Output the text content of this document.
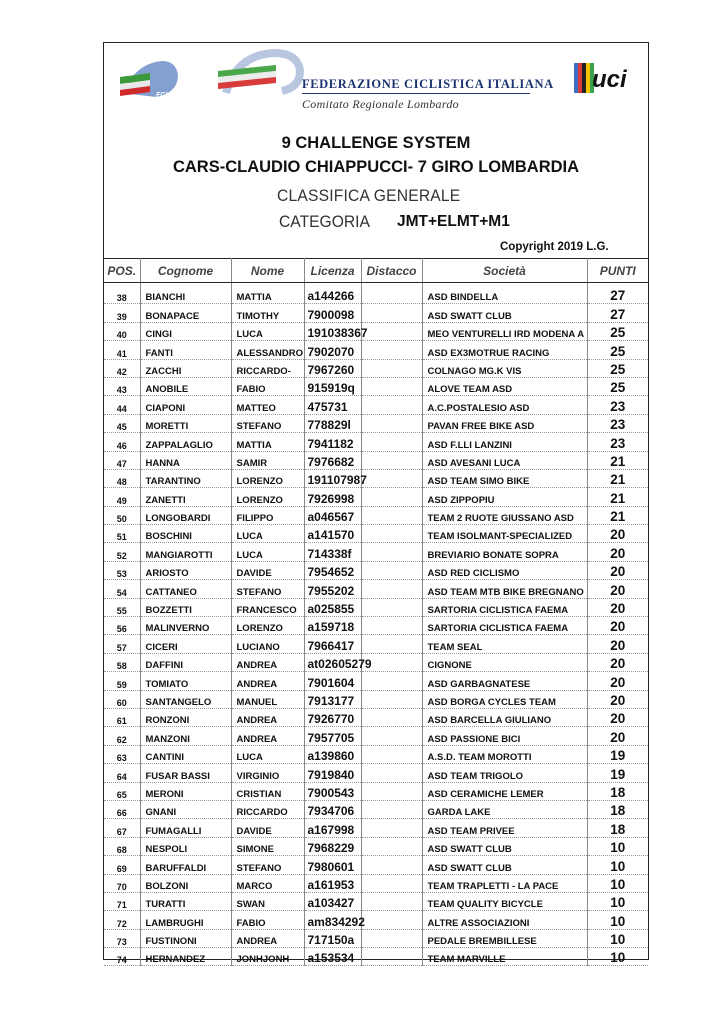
FCI
FEDERAZIONE CICLISTICA ITALIANA
Comitato Regionale Lombardo
uci
9 CHALLENGE SYSTEM
CARS-CLAUDIO CHIAPPUCCI- 7 GIRO LOMBARDIA
CLASSIFICA GENERALE
CATEGORIA JMT+ELMT+M1
Copyright 2019 L.G.
POS.	Cognome	Nome	Licenza	Distacco	Società	PUNTI
38	BIANCHI	MATTIA	a144266		ASD BINDELLA	27
39	BONAPACE	TIMOTHY	7900098		ASD SWATT CLUB	27
40	CINGI	LUCA	191038367		MEO VENTURELLI IRD MODENA A	25
41	FANTI	ALESSANDRO	7902070		ASD EX3MOTRUE RACING	25
42	ZACCHI	RICCARDO-	7967260		COLNAGO MG.K VIS	25
43	ANOBILE	FABIO	915919q		ALOVE TEAM ASD	25
44	CIAPONI	MATTEO	475731		A.C.POSTALESIO ASD	23
45	MORETTI	STEFANO	778829l		PAVAN FREE BIKE ASD	23
46	ZAPPALAGLIO	MATTIA	7941182		ASD F.LLI LANZINI	23
47	HANNA	SAMIR	7976682		ASD AVESANI LUCA	21
48	TARANTINO	LORENZO	191107987		ASD TEAM SIMO BIKE	21
49	ZANETTI	LORENZO	7926998		ASD ZIPPOPIU	21
50	LONGOBARDI	FILIPPO	a046567		TEAM 2 RUOTE GIUSSANO ASD	21
51	BOSCHINI	LUCA	a141570		TEAM ISOLMANT-SPECIALIZED	20
52	MANGIAROTTI	LUCA	714338f		BREVIARIO BONATE SOPRA	20
53	ARIOSTO	DAVIDE	7954652		ASD RED CICLISMO	20
54	CATTANEO	STEFANO	7955202		ASD TEAM MTB BIKE BREGNANO	20
55	BOZZETTI	FRANCESCO	a025855		SARTORIA CICLISTICA FAEMA	20
56	MALINVERNO	LORENZO	a159718		SARTORIA CICLISTICA FAEMA	20
57	CICERI	LUCIANO	7966417		TEAM SEAL	20
58	DAFFINI	ANDREA	at02605279		CIGNONE	20
59	TOMIATO	ANDREA	7901604		ASD GARBAGNATESE	20
60	SANTANGELO	MANUEL	7913177		ASD BORGA CYCLES TEAM	20
61	RONZONI	ANDREA	7926770		ASD BARCELLA GIULIANO	20
62	MANZONI	ANDREA	7957705		ASD PASSIONE BICI	20
63	CANTINI	LUCA	a139860		A.S.D. TEAM MOROTTI	19
64	FUSAR BASSI	VIRGINIO	7919840		ASD TEAM TRIGOLO	19
65	MERONI	CRISTIAN	7900543		ASD CERAMICHE LEMER	18
66	GNANI	RICCARDO	7934706		GARDA LAKE	18
67	FUMAGALLI	DAVIDE	a167998		ASD TEAM PRIVEE	18
68	NESPOLI	SIMONE	7968229		ASD SWATT CLUB	10
69	BARUFFALDI	STEFANO	7980601		ASD SWATT CLUB	10
70	BOLZONI	MARCO	a161953		TEAM TRAPLETTI - LA PACE	10
71	TURATTI	SWAN	a103427		TEAM QUALITY BICYCLE	10
72	LAMBRUGHI	FABIO	am834292		ALTRE ASSOCIAZIONI	10
73	FUSTINONI	ANDREA	717150a		PEDALE BREMBILLESE	10
74	HERNANDEZ	JONHJONH	a153534		TEAM MARVILLE	10
